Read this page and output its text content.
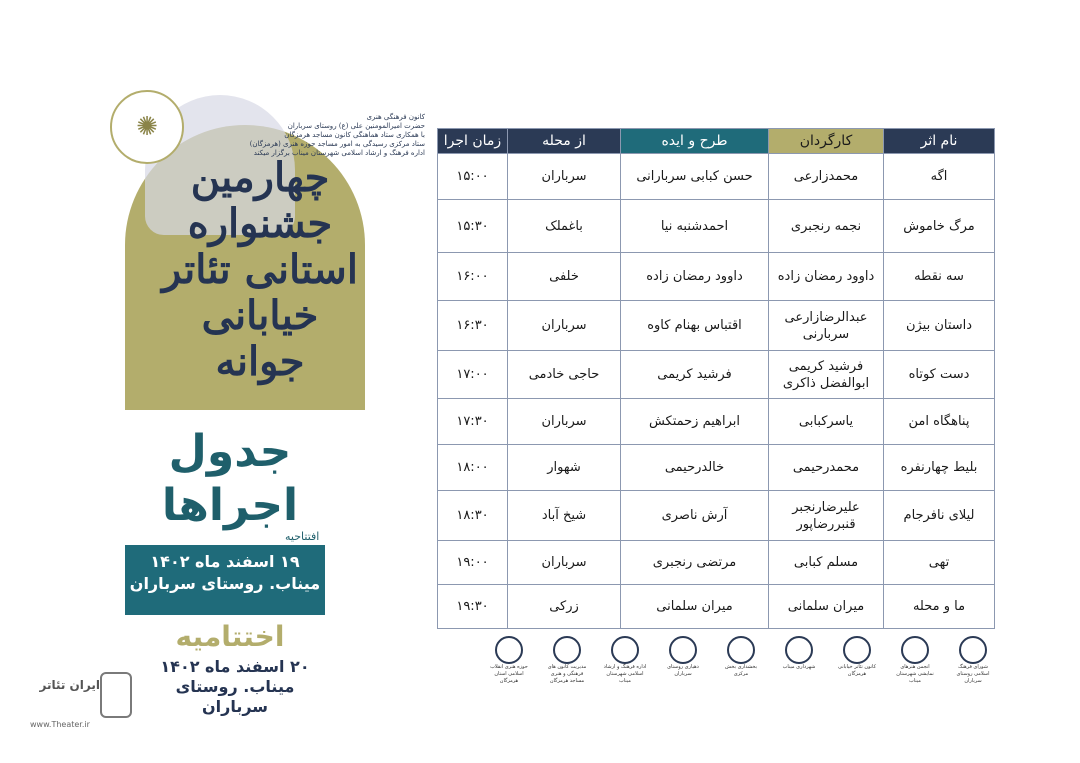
✺	کانون فرهنگی هنری
حضرت امیرالمومنین علی (ع) روستای سرباران
با همکاری ستاد هماهنگی کانون مساجد هرمزگان
ستاد مرکزی رسیدگی به امور مساجد حوزه هنری (هرمزگان)
اداره فرهنگ و ارشاد اسلامی شهرستان میناب برگزار میکند
چهارمین
جشنواره
استانی تئاتر
خیابانی
جوانه
جدول
اجراها
افتتاحیه
۱۹ اسفند ماه ۱۴۰۲
میناب. روستای سرباران
اختتامیه
۲۰ اسفند ماه ۱۴۰۲
میناب. روستای سرباران
ایران تئاتر
www.Theater.ir
نام اثر	کارگردان	طرح و ایده	از محله	زمان اجرا
اگه	محمدزارعی	حسن کبابی سربارانی	سرباران	۱۵:۰۰
مرگ خاموش	نجمه رنجبری	احمدشنبه نیا	باغملک	۱۵:۳۰
سه نقطه	داوود رمضان زاده	داوود رمضان زاده	خلفی	۱۶:۰۰
داستان بیژن	عبدالرضازارعی سربارنی	اقتباس بهنام کاوه	سرباران	۱۶:۳۰
دست کوتاه	فرشید کریمی ابوالفضل ذاکری	فرشید کریمی	حاجی خادمی	۱۷:۰۰
پناهگاه امن	یاسرکبابی	ابراهیم زحمتکش	سرباران	۱۷:۳۰
بلیط چهارنفره	محمدرحیمی	خالدرحیمی	شهوار	۱۸:۰۰
لیلای نافرجام	علیرضارنجبر قنبررضاپور	آرش ناصری	شیخ آباد	۱۸:۳۰
تهی	مسلم کبابی	مرتضی رنجبری	سرباران	۱۹:۰۰
ما و محله	میران سلمانی	میران سلمانی	زرکی	۱۹:۳۰
شورای فرهنگ اسلامی روستای سرباران
انجمن هنرهای نمایشی شهرستان میناب
کانون تئاتر خیابانی هرمزگان
شهرداری میناب
بخشداری بخش مرکزی
دهیاری روستای سرباران
اداره فرهنگ و ارشاد اسلامی شهرستان میناب
مدیریت کانون های فرهنگی و هنری مساجد هرمزگان
حوزه هنری انقلاب اسلامی استان هرمزگان
